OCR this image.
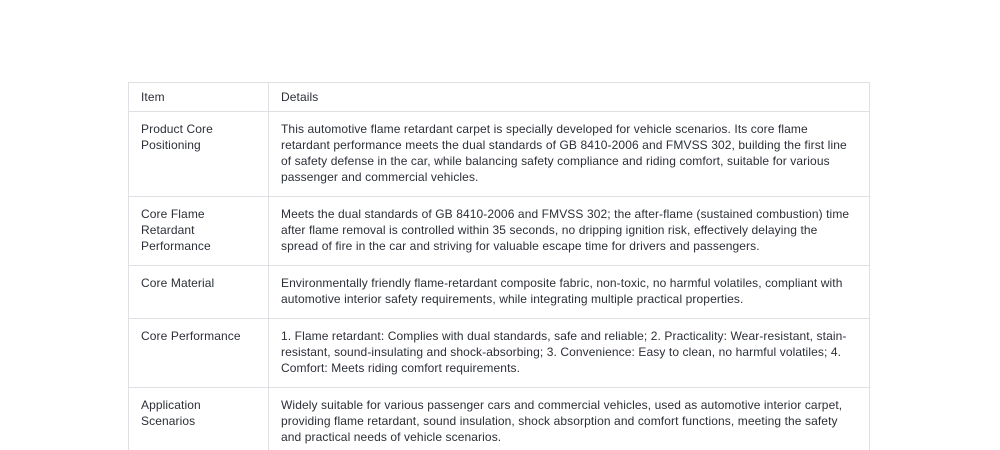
Item	Details
Product Core Positioning	This automotive flame retardant carpet is specially developed for vehicle scenarios. Its core flame retardant performance meets the dual standards of GB 8410-2006 and FMVSS 302, building the first line of safety defense in the car, while balancing safety compliance and riding comfort, suitable for various passenger and commercial vehicles.
Core Flame Retardant Performance	Meets the dual standards of GB 8410-2006 and FMVSS 302; the after-flame (sustained combustion) time after flame removal is controlled within 35 seconds, no dripping ignition risk, effectively delaying the spread of fire in the car and striving for valuable escape time for drivers and passengers.
Core Material	Environmentally friendly flame-retardant composite fabric, non-toxic, no harmful volatiles, compliant with automotive interior safety requirements, while integrating multiple practical properties.
Core Performance	1. Flame retardant: Complies with dual standards, safe and reliable; 2. Practicality: Wear-resistant, stain-resistant, sound-insulating and shock-absorbing; 3. Convenience: Easy to clean, no harmful volatiles; 4. Comfort: Meets riding comfort requirements.
Application Scenarios	Widely suitable for various passenger cars and commercial vehicles, used as automotive interior carpet, providing flame retardant, sound insulation, shock absorption and comfort functions, meeting the safety and practical needs of vehicle scenarios.
